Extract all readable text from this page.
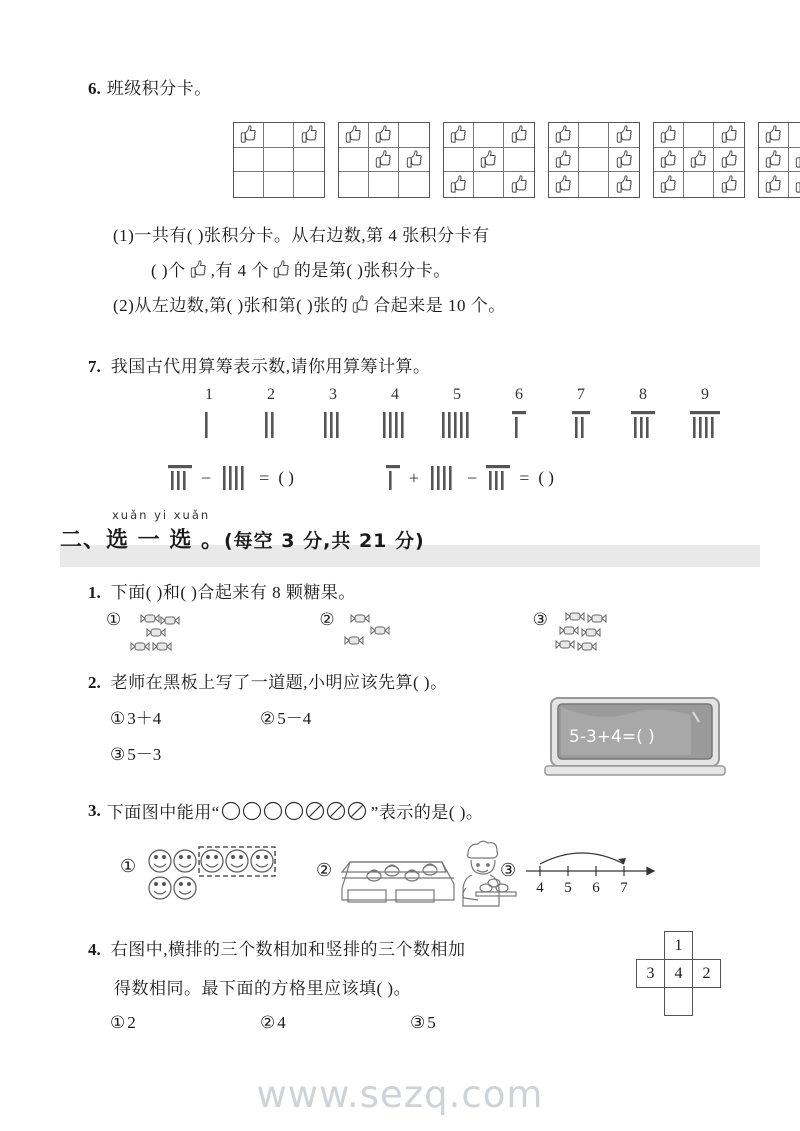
6. 班级积分卡。
(1)一共有( )张积分卡。从右边数,第 4 张积分卡有
( )个 ,有 4 个 的是第( )张积分卡。
(2)从左边数,第( )张和第( )张的 合起来是 10 个。
7. 我国古代用算筹表示数,请你用算筹计算。
1	2	3	4	5	6	7	8	9
−	= ( )	+	− = ( )
xuǎn yi xuǎn
二、选 一 选 。(每空 3 分,共 21 分)
1. 下面( )和( )合起来有 8 颗糖果。
①	②	③
2. 老师在黑板上写了一道题,小明应该先算( )。
① 3＋4	② 5－4
③ 5－3
5-3+4=( )
3. 下面图中能用“	”表示的是( )。
①	②	③
4 5 6 7
4. 右图中,横排的三个数相加和竖排的三个数相加
得数相同。最下面的方格里应该填( )。
① 2	② 4	③ 5
	1	
3	4	2

www.sezq.com
